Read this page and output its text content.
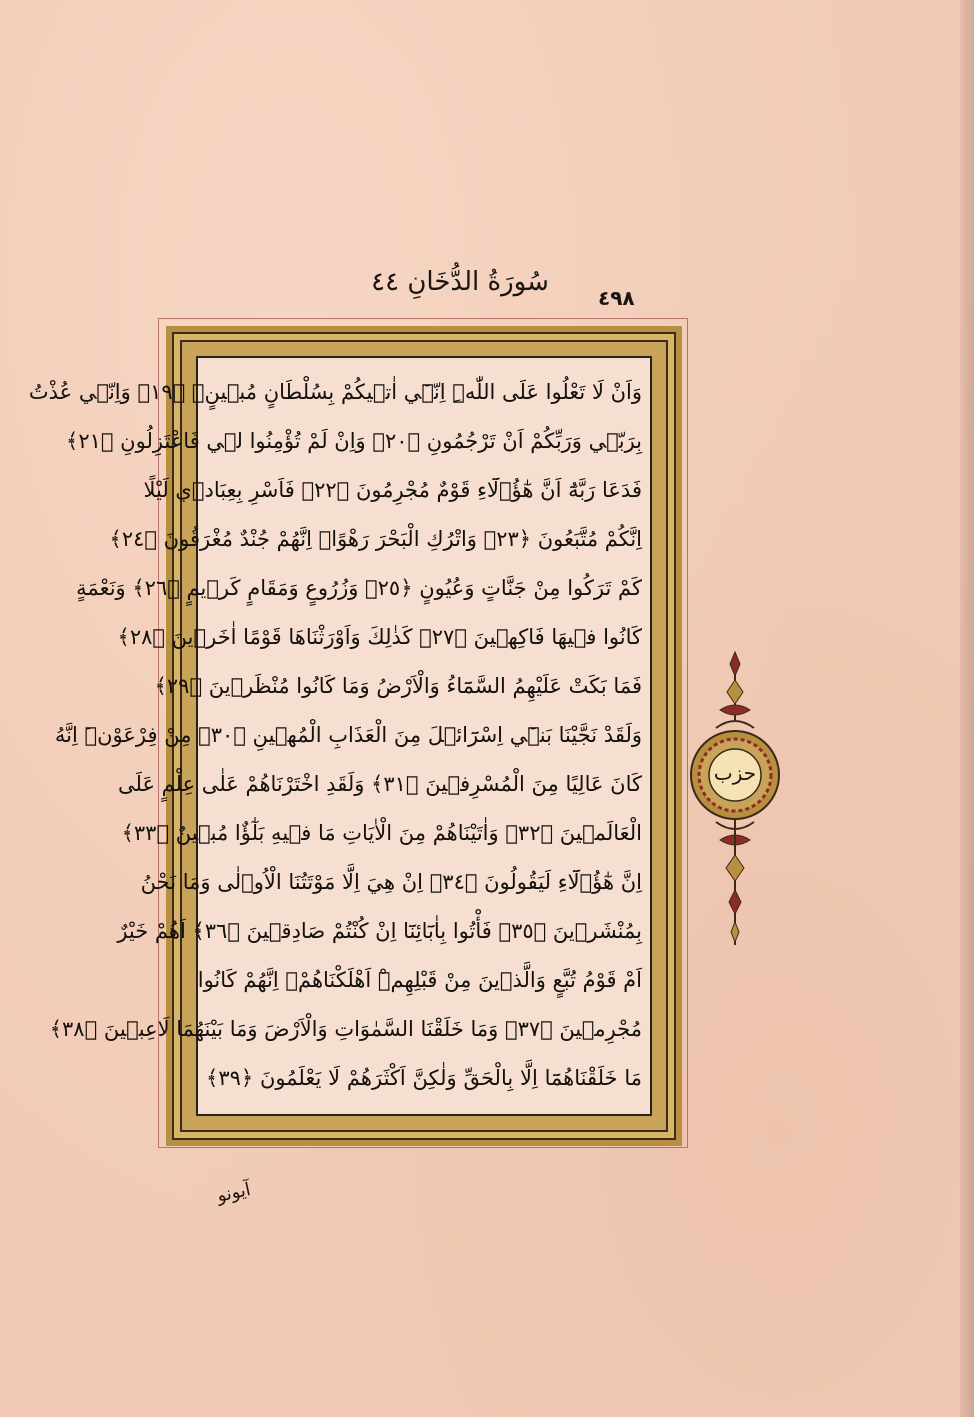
سُورَةُ الدُّخَانِ ٤٤
٤٩٨
وَاَنْ لَا تَعْلُوا عَلَى اللّٰهِۜ اِنّ۪ٓي اٰت۪يكُمْ بِسُلْطَانٍ مُب۪ينٍۚ ﴿١٩﴾ وَاِنّ۪ي عُذْتُ
بِرَبّ۪ي وَرَبِّكُمْ اَنْ تَرْجُمُونِ ﴿٢٠﴾ وَاِنْ لَمْ تُؤْمِنُوا ل۪ي فَاعْتَزِلُونِ ﴿٢١﴾
فَدَعَا رَبَّهُٓ اَنَّ هٰٓؤُ۬لَٓاءِ قَوْمٌ مُجْرِمُونَ ﴿٢٢﴾ فَاَسْرِ بِعِبَاد۪ي لَيْلًا
اِنَّكُمْ مُتَّبَعُونَ ﴿٢٣﴾ وَاتْرُكِ الْبَحْرَ رَهْوًاۜ اِنَّهُمْ جُنْدٌ مُغْرَقُونَ ﴿٢٤﴾
كَمْ تَرَكُوا مِنْ جَنَّاتٍ وَعُيُونٍ ﴿٢٥﴾ وَزُرُوعٍ وَمَقَامٍ كَر۪يمٍ ﴿٢٦﴾ وَنَعْمَةٍ
كَانُوا ف۪يهَا فَاكِه۪ينَ ﴿٢٧﴾ كَذٰلِكَ وَاَوْرَثْنَاهَا قَوْمًا اٰخَر۪ينَ ﴿٢٨﴾
فَمَا بَكَتْ عَلَيْهِمُ السَّمَٓاءُ وَالْاَرْضُ وَمَا كَانُوا مُنْظَر۪ينَ ﴿٢٩﴾
وَلَقَدْ نَجَّيْنَا بَن۪ٓي اِسْرَٓائ۪لَ مِنَ الْعَذَابِ الْمُه۪ينِ ﴿٣٠﴾ مِنْ فِرْعَوْنَۜ اِنَّهُ
كَانَ عَالِيًا مِنَ الْمُسْرِف۪ينَ ﴿٣١﴾ وَلَقَدِ اخْتَرْنَاهُمْ عَلٰى عِلْمٍ عَلَى
الْعَالَم۪ينَ ﴿٣٢﴾ وَاٰتَيْنَاهُمْ مِنَ الْاٰيَاتِ مَا ف۪يهِ بَلٰٓؤٌا مُب۪ينٌ ﴿٣٣﴾
اِنَّ هٰٓؤُ۬لَٓاءِ لَيَقُولُونَ ﴿٣٤﴾ اِنْ هِيَ اِلَّا مَوْتَتُنَا الْاُو۫لٰى وَمَا نَحْنُ
بِمُنْشَر۪ينَ ﴿٣٥﴾ فَأْتُوا بِاٰبَٓائِنَٓا اِنْ كُنْتُمْ صَادِق۪ينَ ﴿٣٦﴾ اَهُمْ خَيْرٌ
اَمْ قَوْمُ تُبَّعٍ وَالَّذ۪ينَ مِنْ قَبْلِهِمْۜ اَهْلَكْنَاهُمْؗ اِنَّهُمْ كَانُوا
مُجْرِم۪ينَ ﴿٣٧﴾ وَمَا خَلَقْنَا السَّمٰوَاتِ وَالْاَرْضَ وَمَا بَيْنَهُمَا لَاعِب۪ينَ ﴿٣٨﴾
مَا خَلَقْنَاهُمَٓا اِلَّا بِالْحَقِّ وَلٰكِنَّ اَكْثَرَهُمْ لَا يَعْلَمُونَ ﴿٣٩﴾
حزب
آيونو
